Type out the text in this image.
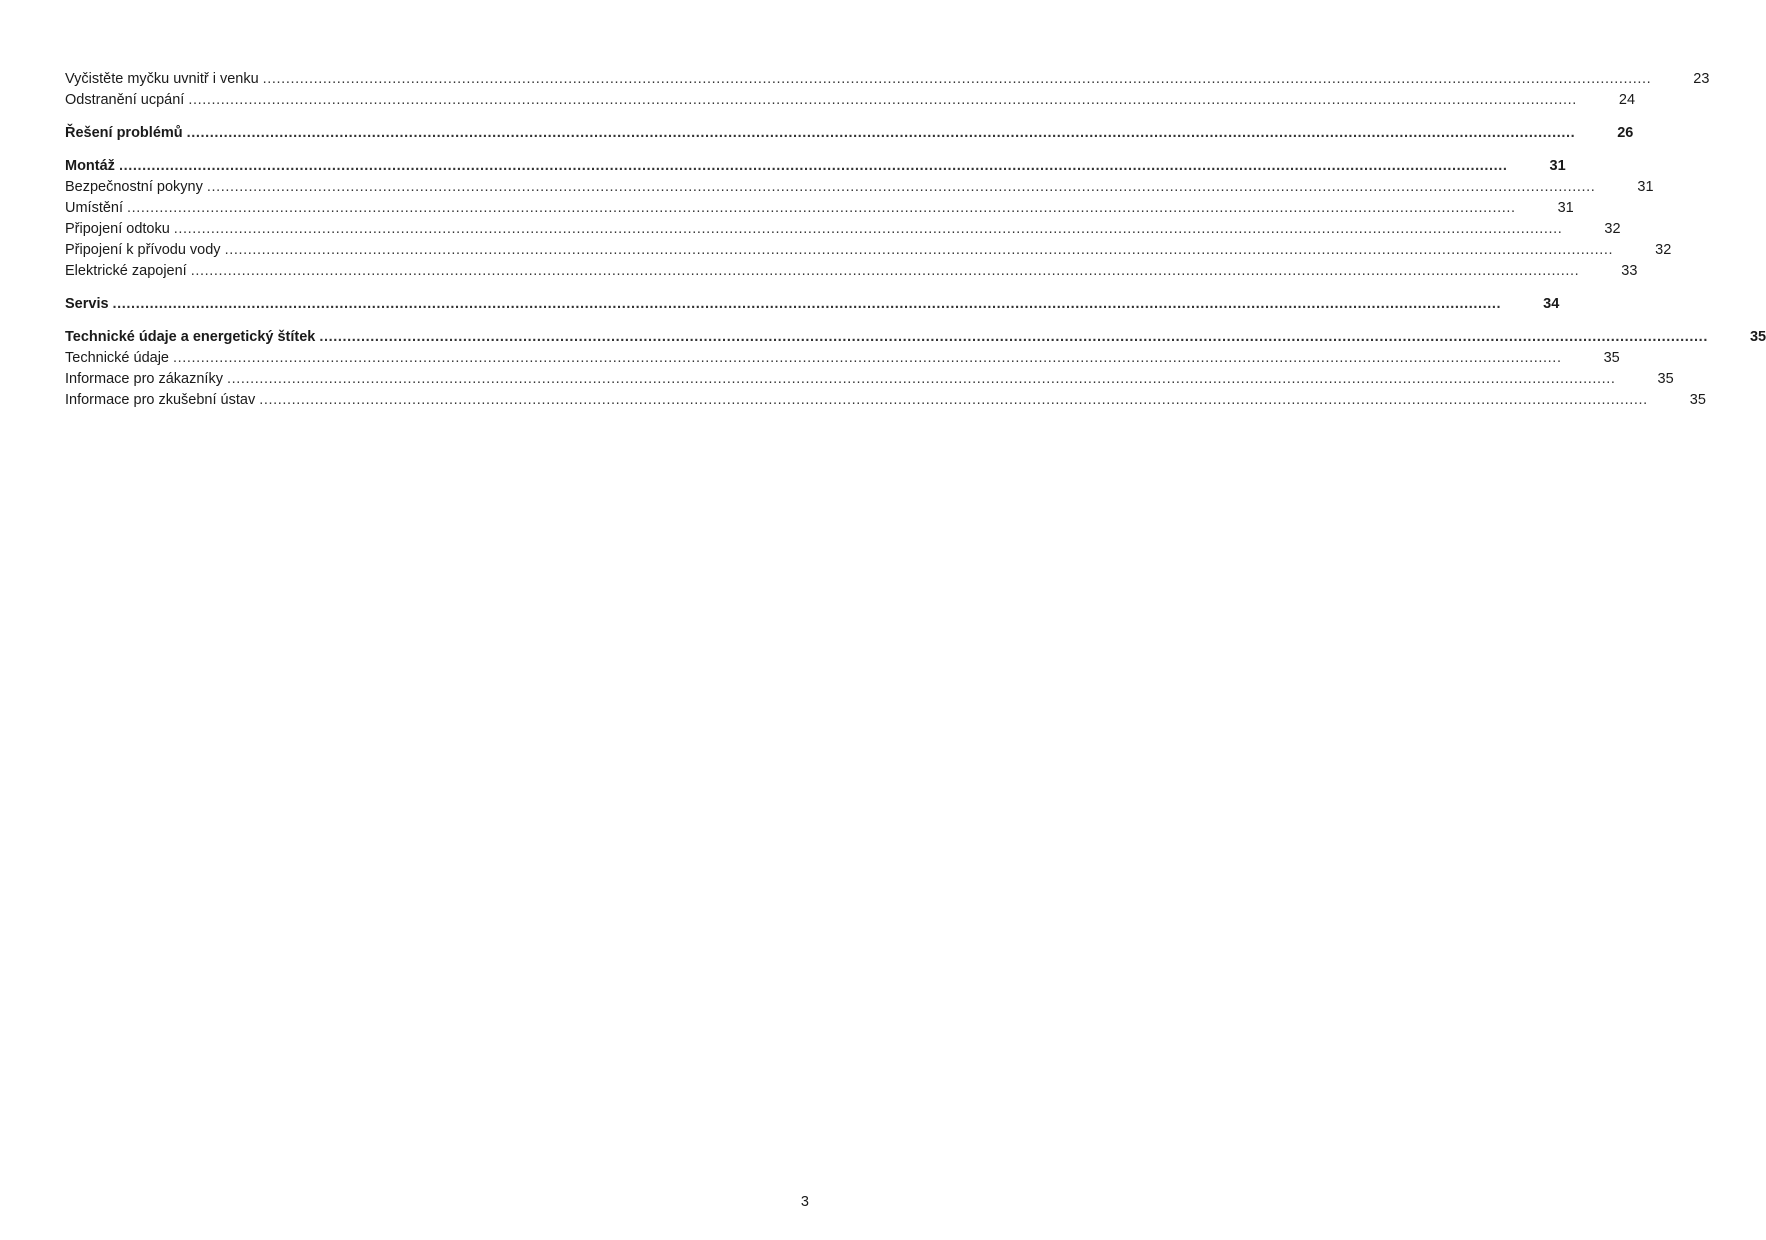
Vyčistěte myčku uvnitř i venku ............................................................................................................................................................................................................................................................................................................	23
Odstranění ucpání ............................................................................................................................................................................................................................................................................................................	24
Řešení problémů ............................................................................................................................................................................................................................................................................................................	26
Montáž ............................................................................................................................................................................................................................................................................................................	31
Bezpečnostní pokyny ............................................................................................................................................................................................................................................................................................................	31
Umístění ............................................................................................................................................................................................................................................................................................................	31
Připojení odtoku ............................................................................................................................................................................................................................................................................................................	32
Připojení k přívodu vody ............................................................................................................................................................................................................................................................................................................	32
Elektrické zapojení ............................................................................................................................................................................................................................................................................................................	33
Servis ............................................................................................................................................................................................................................................................................................................	34
Technické údaje a energetický štítek ............................................................................................................................................................................................................................................................................................................	35
Technické údaje ............................................................................................................................................................................................................................................................................................................	35
Informace pro zákazníky ............................................................................................................................................................................................................................................................................................................	35
Informace pro zkušební ústav ............................................................................................................................................................................................................................................................................................................	35
3
